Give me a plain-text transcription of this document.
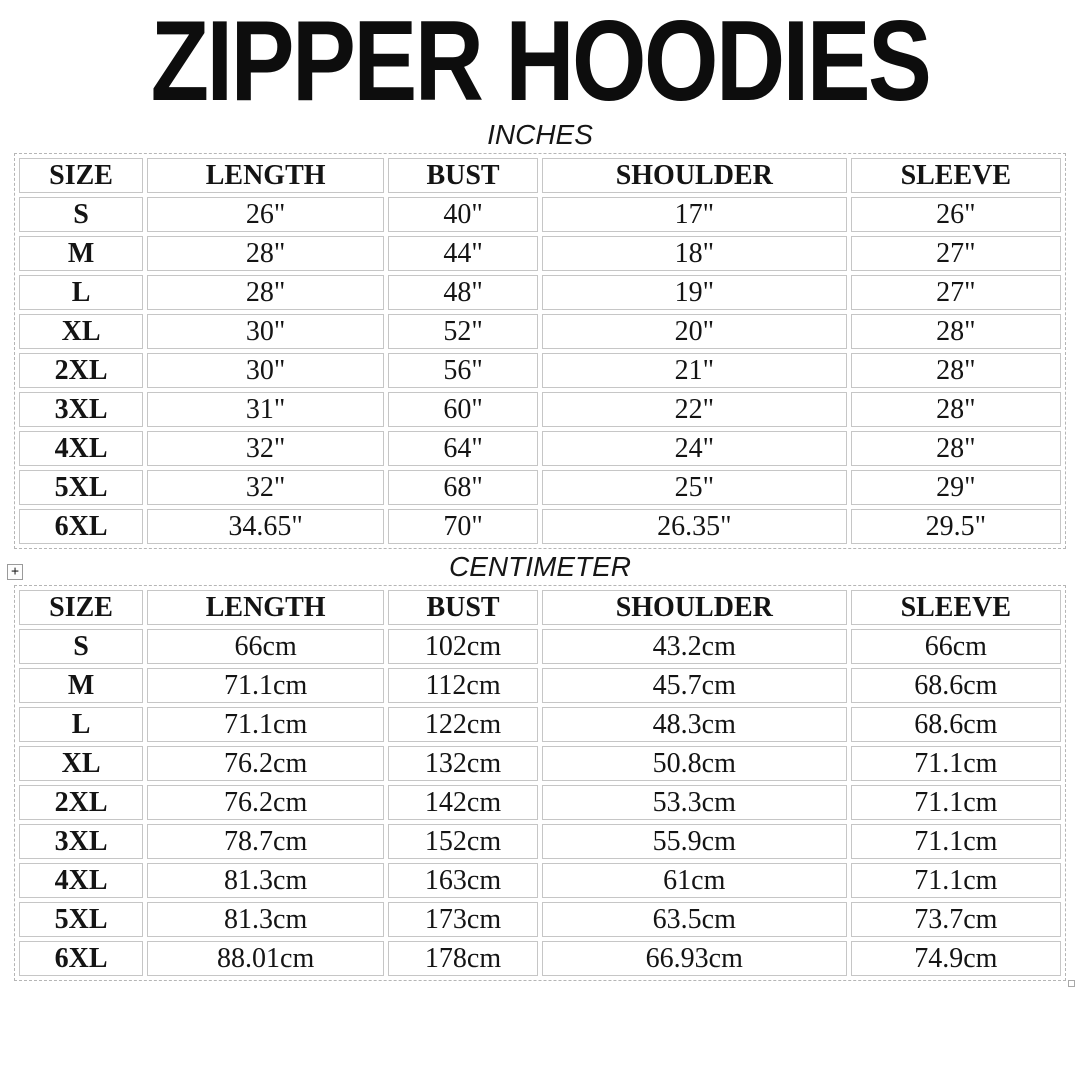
ZIPPER HOODIES
INCHES
SIZE	LENGTH	BUST	SHOULDER	SLEEVE
S	26"	40"	17"	26"
M	28"	44"	18"	27"
L	28"	48"	19"	27"
XL	30"	52"	20"	28"
2XL	30"	56"	21"	28"
3XL	31"	60"	22"	28"
4XL	32"	64"	24"	28"
5XL	32"	68"	25"	29"
6XL	34.65"	70"	26.35"	29.5"
CENTIMETER
+
SIZE	LENGTH	BUST	SHOULDER	SLEEVE
S	66cm	102cm	43.2cm	66cm
M	71.1cm	112cm	45.7cm	68.6cm
L	71.1cm	122cm	48.3cm	68.6cm
XL	76.2cm	132cm	50.8cm	71.1cm
2XL	76.2cm	142cm	53.3cm	71.1cm
3XL	78.7cm	152cm	55.9cm	71.1cm
4XL	81.3cm	163cm	61cm	71.1cm
5XL	81.3cm	173cm	63.5cm	73.7cm
6XL	88.01cm	178cm	66.93cm	74.9cm
